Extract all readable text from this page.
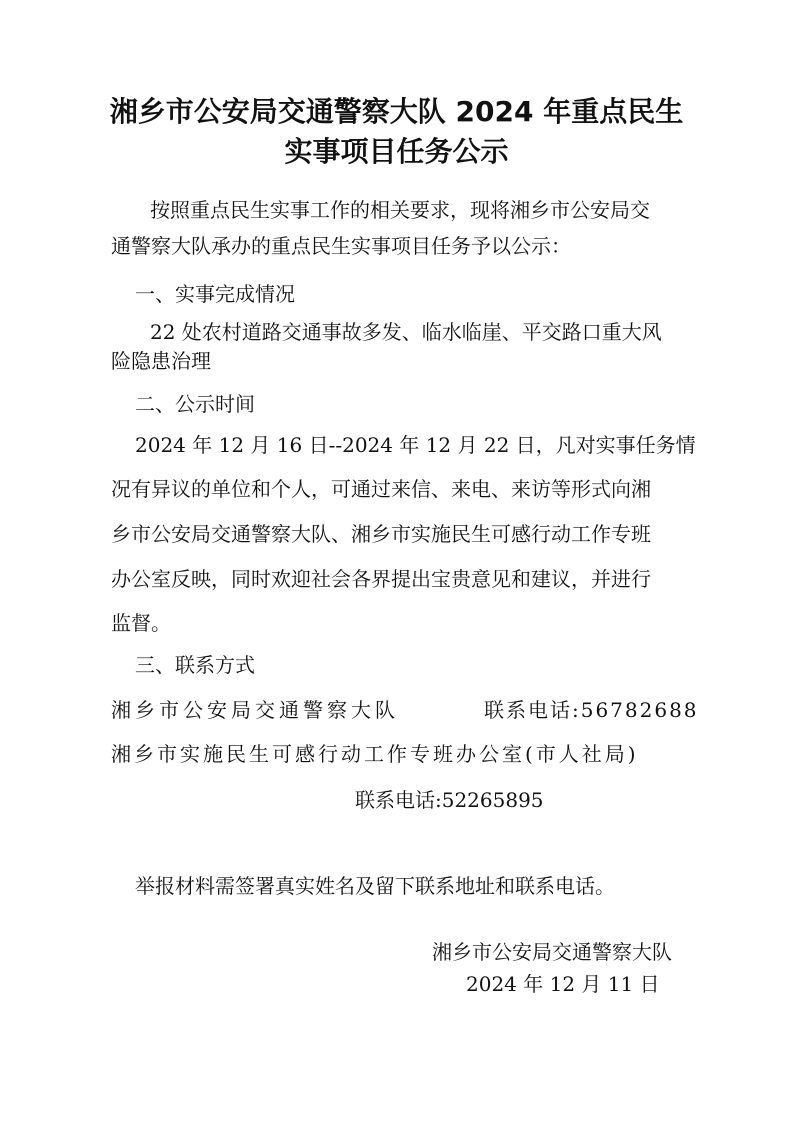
湘乡市公安局交通警察大队 2024 年重点民生
实事项目任务公示
按照重点民生实事工作的相关要求，现将湘乡市公安局交
通警察大队承办的重点民生实事项目任务予以公示：
一、实事完成情况
22 处农村道路交通事故多发、临水临崖、平交路口重大风
险隐患治理
二、公示时间
2024 年 12 月 16 日--2024 年 12 月 22 日，凡对实事任务情
况有异议的单位和个人，可通过来信、来电、来访等形式向湘
乡市公安局交通警察大队、湘乡市实施民生可感行动工作专班
办公室反映，同时欢迎社会各界提出宝贵意见和建议，并进行
监督。
三、联系方式
湘乡市公安局交通警察大队	联系电话:56782688
湘乡市实施民生可感行动工作专班办公室(市人社局)
联系电话:52265895
举报材料需签署真实姓名及留下联系地址和联系电话。
湘乡市公安局交通警察大队
2024 年 12 月 11 日
